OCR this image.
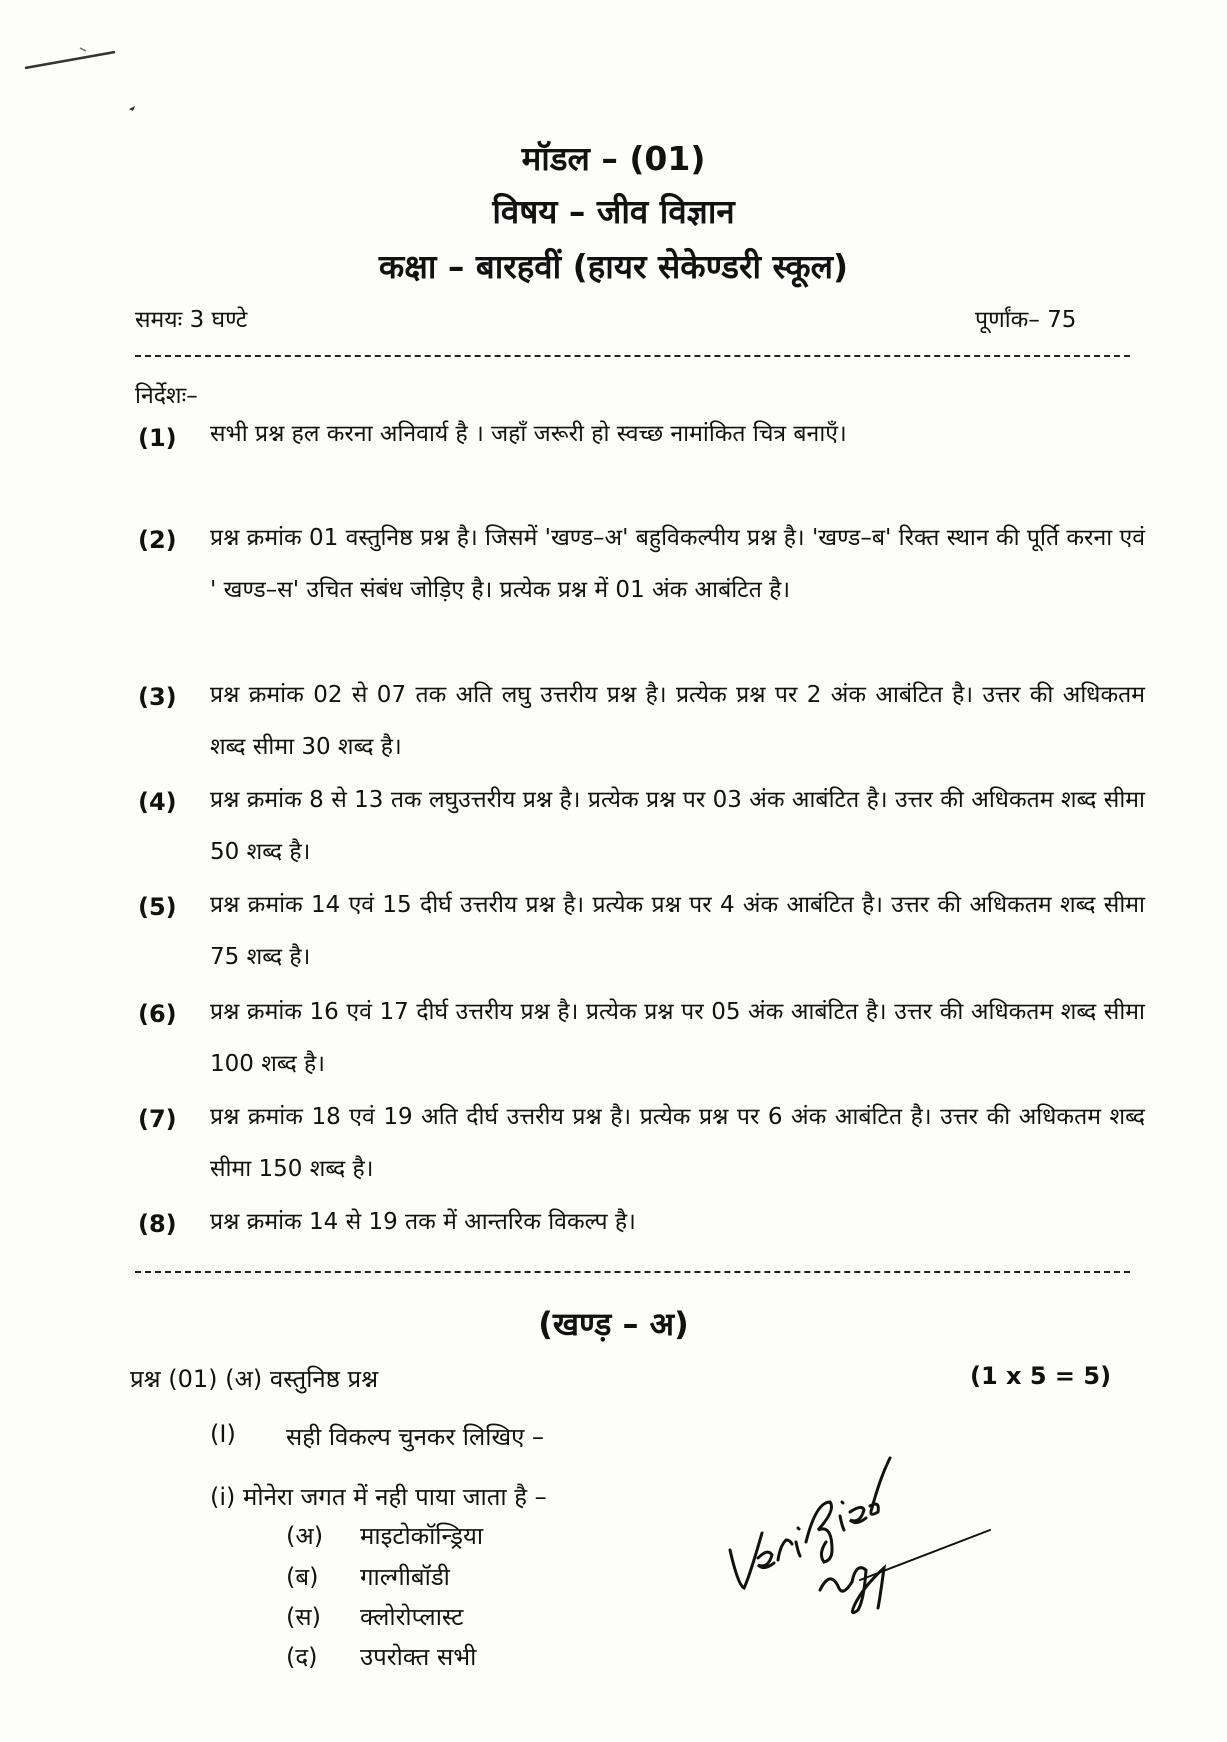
मॉडल – (01)
विषय – जीव विज्ञान
कक्षा – बारहवीं (हायर सेकेण्डरी स्कूल)
समयः 3 घण्टे	पूर्णांक– 75
निर्देशः–
(1) सभी प्रश्न हल करना अनिवार्य है । जहाँ जरूरी हो स्वच्छ नामांकित चित्र बनाएँ।
(2) प्रश्न क्रमांक 01 वस्तुनिष्ठ प्रश्न है। जिसमें 'खण्ड–अ' बहुविकल्पीय प्रश्न है। 'खण्ड–ब' रिक्त स्थान की पूर्ति करना एवं ' खण्ड–स' उचित संबंध जोड़िए है। प्रत्येक प्रश्न में 01 अंक आबंटित है।
(3) प्रश्न क्रमांक 02 से 07 तक अति लघु उत्तरीय प्रश्न है। प्रत्येक प्रश्न पर 2 अंक आबंटित है। उत्तर की अधिकतम शब्द सीमा 30 शब्द है।
(4) प्रश्न क्रमांक 8 से 13 तक लघुउत्तरीय प्रश्न है। प्रत्येक प्रश्न पर 03 अंक आबंटित है। उत्तर की अधिकतम शब्द सीमा 50 शब्द है।
(5) प्रश्न क्रमांक 14 एवं 15 दीर्घ उत्तरीय प्रश्न है। प्रत्येक प्रश्न पर 4 अंक आबंटित है। उत्तर की अधिकतम शब्द सीमा 75 शब्द है।
(6) प्रश्न क्रमांक 16 एवं 17 दीर्घ उत्तरीय प्रश्न है। प्रत्येक प्रश्न पर 05 अंक आबंटित है। उत्तर की अधिकतम शब्द सीमा 100 शब्द है।
(7) प्रश्न क्रमांक 18 एवं 19 अति दीर्घ उत्तरीय प्रश्न है। प्रत्येक प्रश्न पर 6 अंक आबंटित है। उत्तर की अधिकतम शब्द सीमा 150 शब्द है।
(8) प्रश्न क्रमांक 14 से 19 तक में आन्तरिक विकल्प है।
(खण्ड़ – अ)
प्रश्न (01) (अ) वस्तुनिष्ठ प्रश्न	(1 x 5 = 5)
(I) सही विकल्प चुनकर लिखिए –
(i) मोनेरा जगत में नही पाया जाता है –
(अ) माइटोकॉन्ड्रिया
(ब) गाल्गीबॉडी
(स) क्लोरोप्लास्ट
(द) उपरोक्त सभी
